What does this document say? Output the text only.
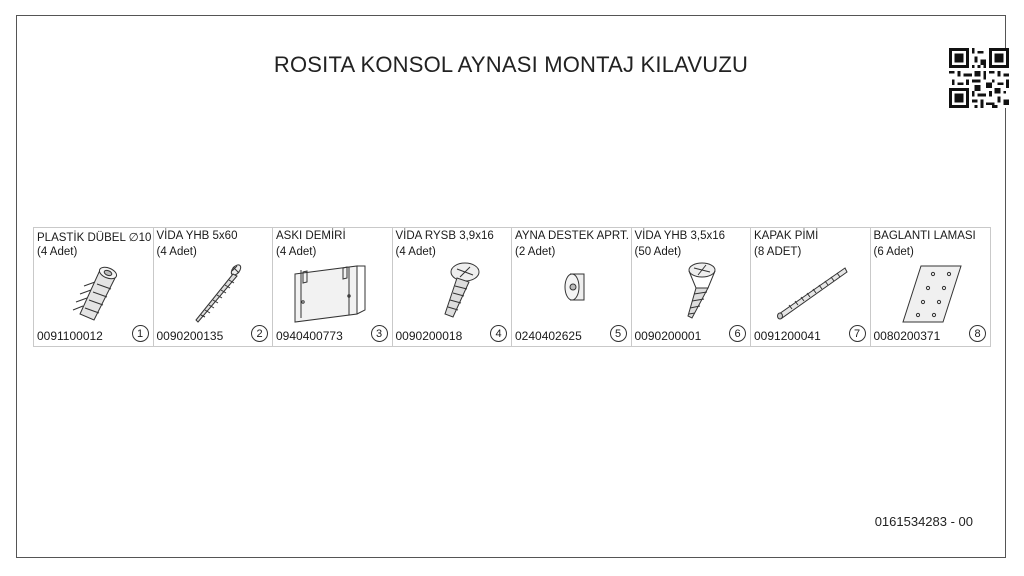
ROSITA KONSOL AYNASI MONTAJ KILAVUZU
0161534283 - 00
PLASTİK DÜBEL ∅10
(4 Adet)
0091100012	1
VİDA YHB 5x60
(4 Adet)
0090200135	2
ASKI DEMİRİ
(4 Adet)
0940400773	3
VİDA RYSB 3,9x16
(4 Adet)
0090200018	4
AYNA DESTEK APRT.
(2 Adet)
0240402625	5
VİDA YHB 3,5x16
(50 Adet)
0090200001	6
KAPAK PİMİ
(8 ADET)
0091200041	7
BAGLANTI LAMASI
(6 Adet)
0080200371	8
